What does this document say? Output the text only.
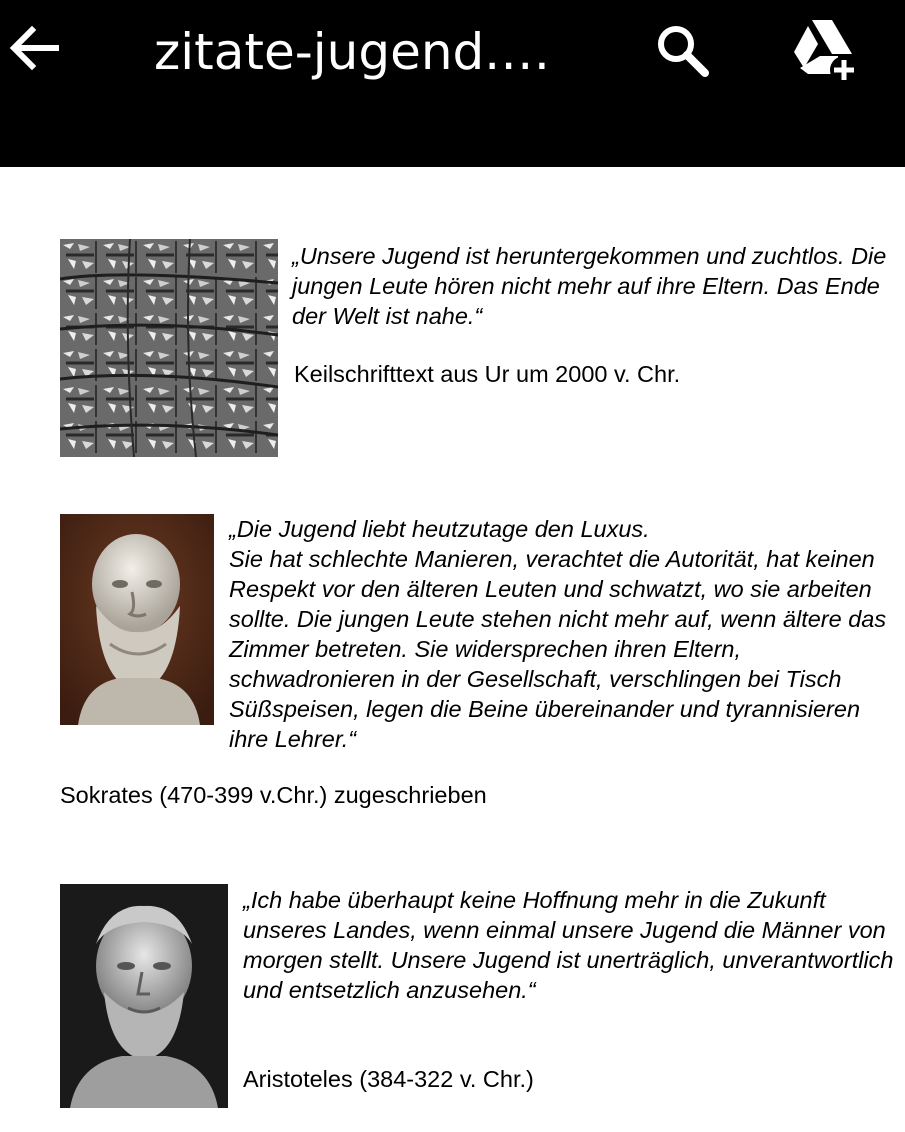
zitate-jugend.…

„Unsere Jugend ist heruntergekommen und zuchtlos. Die jungen Leute hören nicht mehr auf ihre Eltern. Das Ende der Welt ist nahe.“

Keilschrifttext aus Ur um 2000 v. Chr.

„Die Jugend liebt heutzutage den Luxus.
Sie hat schlechte Manieren, verachtet die Autorität, hat keinen Respekt vor den älteren Leuten und schwatzt, wo sie arbeiten sollte. Die jungen Leute stehen nicht mehr auf, wenn ältere das Zimmer betreten. Sie widersprechen ihren Eltern, schwadronieren in der Gesellschaft, verschlingen bei Tisch Süßspeisen, legen die Beine übereinander und tyrannisieren ihre Lehrer.“

Sokrates (470-399 v.Chr.) zugeschrieben

„Ich habe überhaupt keine Hoffnung mehr in die Zukunft unseres Landes, wenn einmal unsere Jugend die Männer von morgen stellt. Unsere Jugend ist unerträglich, unverantwortlich und entsetzlich anzusehen.“

Aristoteles (384-322 v. Chr.)
